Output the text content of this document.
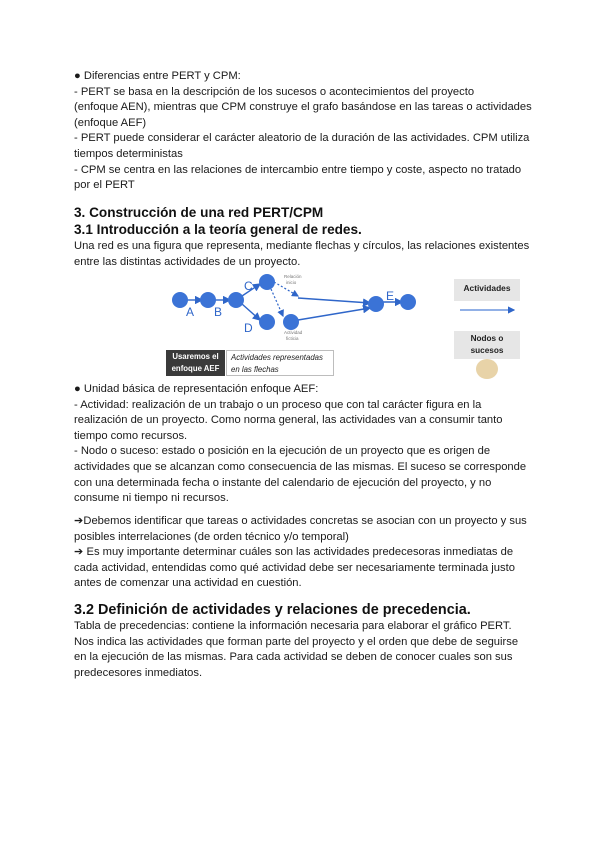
● Diferencias entre PERT y CPM:
- PERT se basa en la descripción de los sucesos o acontecimientos del proyecto
(enfoque AEN), mientras que CPM construye el grafo basándose en las tareas o actividades
(enfoque AEF)
- PERT puede considerar el carácter aleatorio de la duración de las actividades. CPM utiliza
tiempos deterministas
- CPM se centra en las relaciones de intercambio entre tiempo y coste, aspecto no tratado
por el PERT
3. Construcción de una red PERT/CPM
3.1 Introducción a la teoría general de redes.
Una red es una figura que representa, mediante flechas y círculos, las relaciones existentes
entre las distintas actividades de un proyecto.
● Unidad básica de representación enfoque AEF:
- Actividad: realización de un trabajo o un proceso que con tal carácter figura en la
realización de un proyecto. Como norma general, las actividades van a consumir tanto
tiempo como recursos.
- Nodo o suceso: estado o posición en la ejecución de un proyecto que es origen de
actividades que se alcanzan como consecuencia de las mismas. El suceso se corresponde
con una determinada fecha o instante del calendario de ejecución del proyecto, y no
consume ni tiempo ni recursos.
➔Debemos identificar que tareas o actividades concretas se asocian con un proyecto y sus
posibles interrelaciones (de orden técnico y/o temporal)
➔ Es muy importante determinar cuáles son las actividades predecesoras inmediatas de
cada actividad, entendidas como qué actividad debe ser necesariamente terminada justo
antes de comenzar una actividad en cuestión.
3.2 Definición de actividades y relaciones de precedencia.
Tabla de precedencias: contiene la información necesaria para elaborar el gráfico PERT.
Nos indica las actividades que forman parte del proyecto y el orden que debe de seguirse
en la ejecución de las mismas. Para cada actividad se deben de conocer cuales son sus
predecesores inmediatos.
A B
C
D
E
Relación
inicio
Actividad
ficticia
Actividades
Nodos o sucesos
Usaremos el enfoque AEF
Actividades representadas en las flechas
